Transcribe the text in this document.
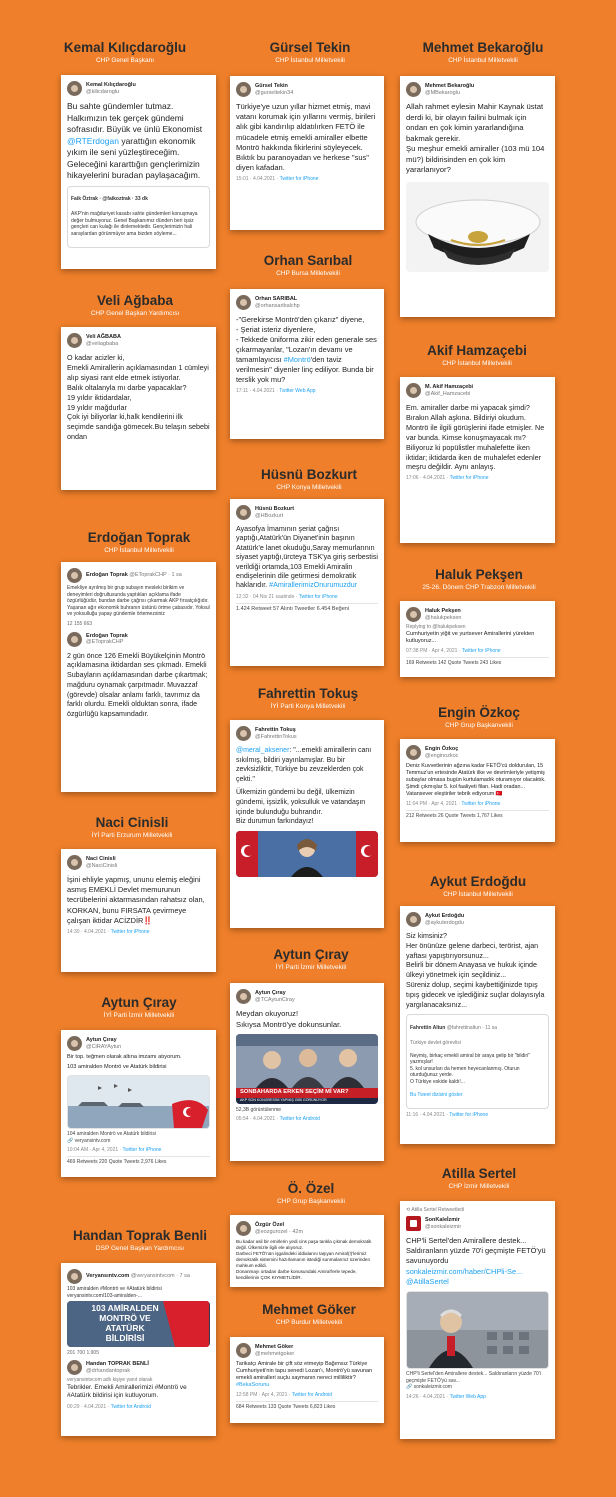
Kemal Kılıçdaroğlu
CHP Genel Başkanı
Gürsel Tekin
CHP İstanbul Milletvekili
Mehmet Bekaroğlu
CHP İstanbul Milletvekili
Veli Ağbaba
CHP Genel Başkan Yardımcısı
Orhan Sarıbal
CHP Bursa Milletvekili
Akif Hamzaçebi
CHP İstanbul Milletvekili
Hüsnü Bozkurt
CHP Konya Milletvekili
Erdoğan Toprak
CHP İstanbul Milletvekili
Haluk Pekşen
25-26. Dönem CHP Trabzon Milletvekili
Fahrettin Tokuş
İYİ Parti Konya Milletvekili	Engin Özkoç
CHP Grup Başkanvekili
Naci Cinisli
İYİ Parti Erzurum Milletvekili
Aykut Erdoğdu
CHP İstanbul Milletvekili
Aytun Çıray
İYİ Parti İzmir Milletvekili
Aytun Çıray
İYİ Parti İzmir Milletvekili
Ö. Özel
CHP Grup Başkanvekili
Atilla Sertel
CHP İzmir Milletvekili
Handan Toprak Benli
DSP Genel Başkan Yardımcısı
Mehmet Göker
CHP Burdur Milletvekili
Kemal Kılıçdaroğlu
@kilicdaroglu
Bu sahte gündemler tutmaz.
Halkımızın tek gerçek gündemi sofrasıdır. Büyük ve ünlü Ekonomist @RTErdogan yarattığın ekonomik yıkım ile seni yüzleştireceğim.
Geleceğini kararttığın gençlerimizin hikayelerini buradan paylaşacağım.

Faik Öztrak · @faikoztrak · 33 dk

AKP'nin mağduriyet kasabı sahte gündemleri konuşmaya değer bulmuyoruz. Genel Başkanımız dünden beri işsiz gençleri can kulağı ile dinlemektedir. Gençlerimizin hali saraylardan görünmüyor ama bizden söyleme...

Gürsel Tekin
@gurseltekin34
Türkiye'ye uzun yıllar hizmet etmiş, mavi vatanı korumak için yıllarını vermiş, birileri alık gibi kandırılıp aldatılırken FETÖ ile mücadele etmiş emekli amiraller elbette Montrö hakkında fikirlerini söyleyecek. Bıktık bu paranoyadan ve herkese "sus" diyen kafadan.
15:01 · 4.04.2021 · Twitter for iPhone
Mehmet Bekaroğlu
@MBekaroglu
Allah rahmet eylesin Mahir Kaynak üstat derdi ki, bir olayın failini bulmak için ondan en çok kimin yararlandığına bakmak gerekir.
Şu meşhur emekli amiraller (103 mü 104 mü?) bildirisinden en çok kim yararlanıyor?
Veli AĞBABA
@veliagbaba
O kadar acizler ki,
Emekli Amirallerin açıklamasından 1 cümleyi alıp siyasi rant elde etmek istiyorlar.
Balık oltalanyla mı darbe yapacaklar?
19 yıldır iktidardalar,
19 yıldır mağdurlar
Çok iyi biliyorlar ki,halk kendilerini ilk seçimde sandığa gömecek.Bu telaşın sebebi ondan
Orhan SARIBAL
@orhansaribalchp
-"Gerekirse Montrö'den çıkarız" diyene,
- Şeriat isteriz diyenlere,
- Tekkede üniforma zikir eden generale ses çıkarmayanlar, "Lozan'ın devamı ve tamamlayıcısı #Montrö'den taviz verilmesin" diyenler linç ediliyor. Bunda bir terslik yok mu?
17:11 · 4.04.2021 · Twitter Web App
M. Akif Hamzaçebi
@Akif_Hamzacebi
Em. amiraller darbe mi yapacak şimdi? Bırakın Allah aşkına. Bildiriyi okudum. Montrö ile ilgili görüşlerini ifade etmişler. Ne var bunda. Kimse konuşmayacak mı?
Biliyoruz ki popülistler muhalefette iken iktidar; iktidarda iken de muhalefet edenler meşru değildir. Aynı anlayış.
17:06 · 4.04.2021 · Twitter for iPhone
Hüsnü Bozkurt
@HBozkurt
Ayasofya İmamının şeriat çağrısı yaptığı,Atatürk'ün Diyanet'inin başının Atatürk'e lanet okuduğu,Saray memurlarının siyaset yaptığı,ürcteya TSK'ya giriş serbestisi verildiği ortamda,103 Emekli Amiralin endişelerinin dile getirmesi demokratik haklarıdır. #AmirallerimizOnurumuzdur
12:32 · 04 Nis 21 saatinde · Twitter for iPhone
1.424 Retweet 57 Alıntı Tweetler 6.454 Beğeni
Erdoğan Toprak @EToprakCHP · 1 sa
Emekliye ayrılmış bir grup subayın mesleki birikim ve deneyimleri doğrultusunda yaptıkları açıklama ifade özgürlüğüdür, bundan darbe çağrısı çıkarmak AKP fırsatçılığıdır. Yaşanan ağır ekonomik buhranın üstünü örtme çabasıdır. Yoksul ve yoksulluğu yapay gündemle örtemezsiniz
12 155 663
Erdoğan Toprak
@EToprakCHP
2 gün önce 126 Emekli Büyükelçinin Montrö açıklamasına iktidardan ses çıkmadı. Emekli Subayların açıklamasından darbe çıkartmak; mağduru oynamak çarpıtmadır. Muvazzaf (görevde) olsalar anlamı farklı, tavrımız da farklı olurdu. Emekli olduktan sonra, ifade özgürlüğü kapsamındadır.
Haluk Pekşen
@halukpeksen
Replying to @halukpeksen
Cumhuriyetin yiğit ve yurtsever Amirallerini yürekten kutluyoruz...
07:38 PM · Apr 4, 2021 · Twitter for iPhone
169 Retweets 142 Quote Tweets 243 Likes
Fahrettin Tokuş
@FahrettinTokus
@meral_aksener: "...emekli amirallerin canı sıkılmış, bildiri yayınlamışlar. Bu bir zevksizliktir, Türkiye bu zevzeklerden çok çekti."
Ülkemizin gündemi bu değil, ülkemizin gündemi, işsizlik, yoksulluk ve vatandaşın içinde bulunduğu buhrandır.
Biz durumun farkındayız!
Engin Özkoç
@enginozkoc
Deniz Kuvvetlerinin ağzına kadar FETÖ'cü doldurulan, 15 Temmuz'un ertesinde Atatürk ilke ve devrimleriyle yetişmiş subaylar olmasa bugün kurtulamadık oturamıyor olacaktık.
Şimdi çıkmışlar 5. kol faaliyeti filan. Hadi oradan... Vatansever eleştiriler tebrik ediyorum 🇹🇷
11:04 PM · Apr 4, 2021 · Twitter for iPhone
212 Retweets 26 Quote Tweets 1,767 Likes
Naci Cinisli
@NaciCinisli
İşini ehliyle yapmış, ununu elemiş eleğini asmış EMEKLİ Devlet memurunun tecrübelerini aktarmasından rahatsız olan, KORKAN, bunu FIRSATA çevirmeye çalışan iktidar ACİZDİR‼️
14:30 · 4.04.2021 · Twitter for iPhone
Aykut Erdoğdu
@aykuterdogdu
Siz kimsiniz?
Her önünüze gelene darbeci, terörist, ajan yaftası yapıştırıyorsunuz...
Belirli bir dönem Anayasa ve hukuk içinde ülkeyi yönetmek için seçildiniz...
Süreniz dolup, seçimi kaybettiğinizde tıpış tıpış gidecek ve işlediğiniz suçlar dolayısıyla yargılanacaksınız...

Fahrettin Altun @fahrettinaltun · 11 sa

Türkiye devlet görevlisi

Neymiş, birkaç emekli amiral bir araya gelip bir "bildiri" yazmışlar!
5. kol unsurları da hemen heyecanlanmış. Oturun oturduğunuz yerde.
O Türkiye eskide kaldı!...

Bu Tweet dizisini göster

11:16 · 4.04.2021 · Twitter for iPhone
Aytun Çıray
@TCAytunCiray
Meydan okuyoruz!
Sıkıysa Montrö'ye dokunsunlar.
SONBAHARDA ERKEN SEÇİM Mİ VAR?
AKP SON KONGRESİNİ YAPMIŞ GİBİ GÖRÜNÜYOR
52,3B görüntülenme
05:54 · 4.04.2021 · Twitter for Android
Aytun Çıray
@CiRAYAytun
Bir top. teğmen olarak altına imzamı atıyorum.
103 amiralden Montrö ve Atatürk bildirisi
104 amiralden Montrö ve Atatürk bildirisi
🔗 veryansintv.com
10:04 AM · Apr 4, 2021 · Twitter for iPhone
469 Retweets 220 Quote Tweets 2,976 Likes
Özgür Özel
@eozgurozel · 42m
Bu kadar asil bir emirlerin yedi cins paşa tankla çıkmak demokratik değil. Ülkemizle ilgili ele alıyoruz.
Darbeci FETÖ'nün işgalindeki iddialarını taşıyan Amiral(!)'lerimiz demokratik sistemini hazırlamanın istediği sunmalarınız üzerinden mahkum edildi.
Donanmayı ortadan darbe konusundaki Amiral'lerle tepede, kendilerinin ÇOK KIYMETLİDİR.
⟲ Atilla Sertel Retweetledi
SonKaleİzmir
@sonkaleizmir
CHP'li Sertel'den Amirallere destek... Saldıranların yüzde 70'i geçmişte FETÖ'yü savunuyordu
sonkaleizmir.com/haber/CHPli-Se...
@AtillaSertel
CHP'li Sertel'den Amirallere destek... Saldıranların yüzde 70'i geçmişte FETÖ'yü sav...
🔗 sonkaleizmir.com
14:26 · 4.04.2021 · Twitter Web App
Veryansıntv.com @veryansintvcom · 7 sa
103 amiralden #Montrö ve #Atatürk bildirisi
veryansintv.com/103-amiralden-...
103 AMİRALDEN
MONTRÖ VE
ATATÜRK
BİLDİRİSİ
201 700 1.905
Handan TOPRAK BENLİ
@drhandantoprak
veryansintvcom adlı kişiye yanıt olarak
Tebrikler. Emekli Amirallerimizi #Montrö ve #Atatürk bildirisi için kutluyorum.
00:29 · 4.04.2021 · Twitter for Android
Mehmet Göker
@mehmetgoker
Tarikatçı Amirale bir çift söz etmeyip Bağımsız Türkiye Cumhuriyeti'nin tapu senedi Lozan'ı, Montrö'yü savunan emekli amiralleri suçlu saymanın nereci milliliktir?
#BekaSorunu
12:58 PM · Apr 4, 2021 · Twitter for Android
684 Retweets 133 Quote Tweets 6,823 Likes
